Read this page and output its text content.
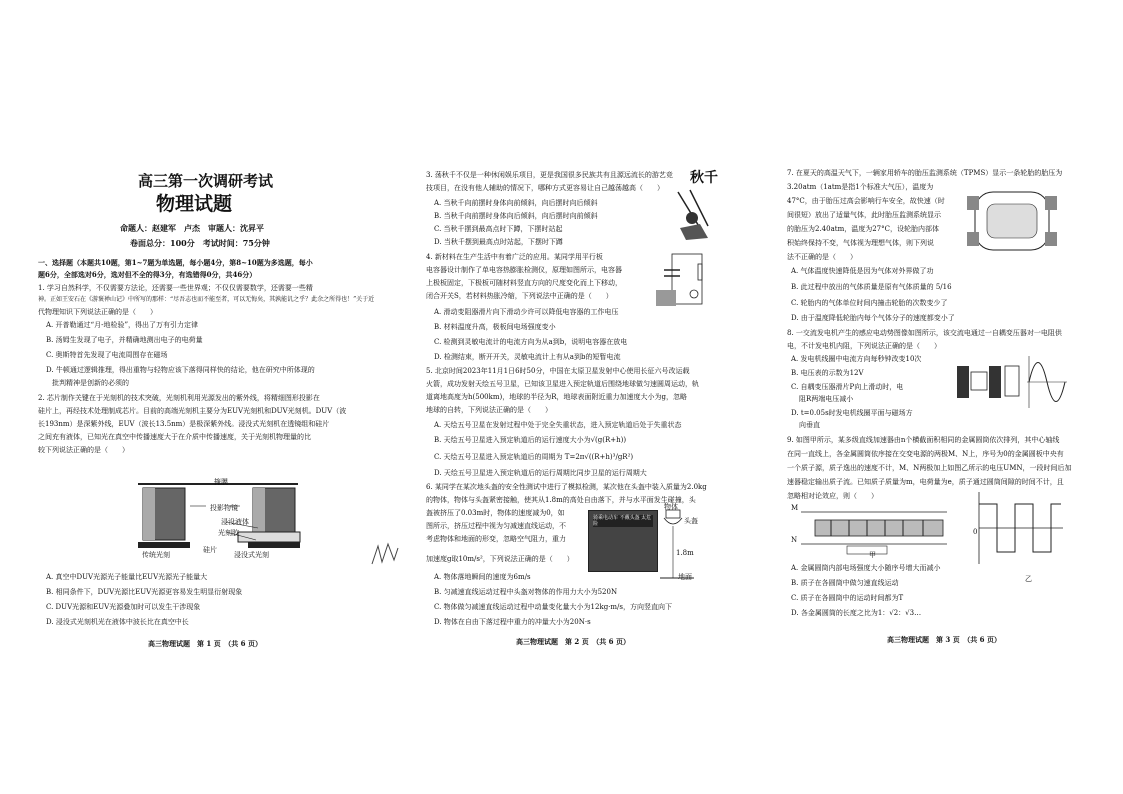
高三第一次调研考试
物理试题
命题人：赵建军　卢杰　审题人：沈昇平
卷面总分：100分　考试时间：75分钟
一、选择题（本题共10题，第1~7题为单选题，每小题4分，第8~10题为多选题，每小
题6分，全部选对6分，选对但不全的得3分，有选错得0分，共46分）
1. 学习自然科学，不仅需要方法论，还需要一些世界观；不仅仅需要数学，还需要一些精
神。正如王安石在《游褒禅山记》中所写的那样：“尽吾志也而不能至者，可以无悔矣，其孰能讥之乎？此余之所得也！”关于近
代物理知识下列说法正确的是（　　）
A. 开普勒通过“月-地检验”，得出了万有引力定律
B. 汤姆生发现了电子，并精确地测出电子的电荷量
C. 奥斯特首先发现了电流周围存在磁场
D. 牛顿通过逻辑推理，得出重物与轻物应该下落得同样快的结论，他在研究中所体现的
批判精神是创新的必须的
2. 芯片制作关键在于光刻机的技术突破，光刻机利用光源发出的紫外线，将精细图形投影在
硅片上，再经技术处理制成芯片。目前的高端光刻机主要分为EUV光刻机和DUV光刻机。DUV（波
长193nm）是深紫外线，EUV（波长13.5nm）是极深紫外线。浸没式光刻机在透镜组和硅片
之间充有液体，已知光在真空中传播速度大于在介质中传播速度，关于光刻机物理量的比
较下列说法正确的是（　　）
掩膜
投影物镜
浸没液体
光刻胶
硅片
传统光刻	浸没式光刻
A. 真空中DUV光源光子能量比EUV光源光子能量大
B. 相同条件下，DUV光源比EUV光源更容易发生明显衍射现象
C. DUV光源和EUV光源叠加时可以发生干涉现象
D. 浸没式光刻机光在液体中波长比在真空中长
高三物理试题　第 1 页　（共 6 页）
3. 荡秋千不仅是一种休闲娱乐项目，更是我国很多民族共有且源远流长的游艺竞
技项目，在没有他人辅助的情况下，哪种方式更容易让自己越荡越高（　　）
A. 当秋千向前摆时身体向前倾斜，向后摆时向后倾斜
B. 当秋千向前摆时身体向后倾斜，向后摆时向前倾斜
C. 当秋千摆到最高点时下蹲，下摆时站起
D. 当秋千摆到最高点时站起，下摆时下蹲
秋千
4. 新材料在生产生活中有着广泛的应用。某同学用平行板
电容器设计制作了单电容热膨胀检测仪，原理如图所示，电容器
上极板固定，下极板可随材料竖直方向的尺度变化而上下移动，
闭合开关S，若材料热胀冷缩，下列说法中正确的是（　　）
A. 滑动变阻器滑片向下滑动少许可以降低电容器的工作电压
B. 材料温度升高，极板间电场强度变小
C. 检测到灵敏电流计的电流方向为从a到b，说明电容器在放电
D. 检测结束，断开开关，灵敏电流计上有从a到b的短暂电流
5. 北京时间2023年11月1日6时50分，中国在太原卫星发射中心使用长征六号改运载
火箭，成功发射天绘五号卫星，已知该卫星进入预定轨道后围绕地球做匀速圆周运动，轨
道离地高度为h(500km)，地球的半径为R，地球表面附近重力加速度大小为g，忽略
地球的自转，下列说法正确的是（　　）
A. 天绘五号卫星在发射过程中处于完全失重状态，进入预定轨道后处于失重状态
B. 天绘五号卫星进入预定轨道后的运行速度大小为√(g(R+h))
C. 天绘五号卫星进入预定轨道后的周期为 T=2π√((R+h)³/gR²)
D. 天绘五号卫星进入预定轨道后的运行周期比同步卫星的运行周期大
6. 某同学在某次地头盔的安全性测试中进行了模拟检测，某次他在头盔中装入质量为2.0kg
的物体，物体与头盔紧密接触，使其从1.8m的高处自由落下，并与水平面发生碰撞，头
盔被挤压了0.03m时，物体的速度减为0，如
图所示，挤压过程中视为匀减速直线运动，不
考虑物体和地面的形变，忽略空气阻力，重力
加速度g取10m/s²，下列说法正确的是（　　）
骑乘电动车 不戴头盔 太危险
物体
头盔
1.8m
地面
A. 物体落地瞬间的速度为6m/s
B. 匀减速直线运动过程中头盔对物体的作用力大小为520N
C. 物体做匀减速直线运动过程中动量变化量大小为12kg·m/s，方向竖直向下
D. 物体在自由下落过程中重力的冲量大小为20N·s
高三物理试题　第 2 页　（共 6 页）
7. 在夏天的高温天气下，一辆家用轿车的胎压监测系统（TPMS）显示一条轮胎的胎压为
3.20atm（1atm是指1个标准大气压），温度为
47°C，由于胎压过高会影响行车安全，故快速（时
间很短）放出了适量气体，此时胎压监测系统显示
的胎压为2.40atm，温度为27°C，设轮胎内部体
积始终保持不变，气体视为理想气体，则下列说
法不正确的是（　　）
A. 气体温度快速降低是因为气体对外界做了功
B. 此过程中放出的气体质量是原有气体质量的 5/16
C. 轮胎内的气体单位时间内撞击轮胎的次数变少了
D. 由于温度降低轮胎内每个气体分子的速度都变小了
8. 一交流发电机产生的感应电动势图像如图所示，该交流电通过一自耦变压器对一电阻供
电，不计发电机内阻，下列说法正确的是（　　）
A. 发电机线圈中电流方向每秒钟改变10次
B. 电压表的示数为12V
C. 自耦变压器滑片P向上滑动时，电
阻R两端电压减小
D. t=0.05s时发电机线圈平面与磁场方
向垂直
9. 如图甲所示，某多级直线加速器由n个横截面积相同的金属圆筒依次排列，其中心轴线
在同一直线上，各金属圆筒依序接在交变电源的两极M、N上，序号为0的金属圆板中央有
一个质子源，质子逸出的速度不计，M、N两极加上如图乙所示的电压UMN，一段时间后加
速器稳定输出质子流。已知质子质量为m，电荷量为e，质子通过圆筒间隙的时间不计，且
忽略相对论效应，则（　　）
M
N
甲
乙
0
A. 金属圆筒内部电场强度大小随序号增大而减小
B. 质子在各圆筒中做匀速直线运动
C. 质子在各圆筒中的运动时间都为T
D. 各金属圆筒的长度之比为1：√2：√3…
高三物理试题　第 3 页　（共 6 页）
